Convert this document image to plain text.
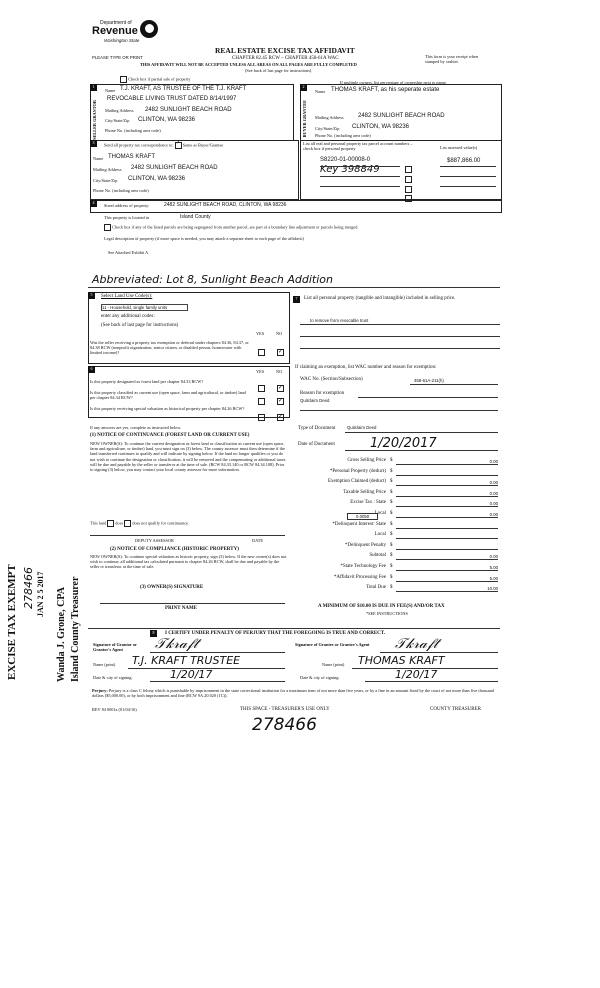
Department of
Revenue
Washington State
PLEASE TYPE OR PRINT
REAL ESTATE EXCISE TAX AFFIDAVIT
CHAPTER 82.45 RCW – CHAPTER 458-61A WAC
THIS AFFIDAVIT WILL NOT BE ACCEPTED UNLESS ALL AREAS ON ALL PAGES ARE FULLY COMPLETED
(See back of last page for instructions)
This form is your receipt when stamped by cashier.
Check box if partial sale of property
If multiple owners, list percentage of ownership next to name.
1
SELLER GRANTOR
Name T.J. KRAFT, AS TRUSTEE OF THE T.J. KRAFT
REVOCABLE LIVING TRUST DATED 8/14/1997
Mailing Address 2482 SUNLIGHT BEACH ROAD
City/State/Zip CLINTON, WA 98236
Phone No. (including area code)
2
BUYER GRANTEE
Name THOMAS KRAFT, as his seperate estate
Mailing Address 2482 SUNLIGHT BEACH ROAD
City/State/Zip CLINTON, WA 98236
Phone No. (including area code)
3	Send all property tax correspondence to: ✓ Same as Buyer/Grantee
Name THOMAS KRAFT
Mailing Address 2482 SUNLIGHT BEACH ROAD
City/State/Zip CLINTON, WA 98236
Phone No. (including area code)
List all real and personal property tax parcel account numbers – check box if personal property	List assessed value(s)
S8220-01-00008-0
Key 398849
$887,866.00
4
Street address of property:	2482 SUNLIGHT BEACH ROAD, CLINTON, WA 98236
This property is located in	Island County
Check box if any of the listed parcels are being segregated from another parcel, are part of a boundary line adjustment or parcels being merged.
Legal description of property (if more space is needed, you may attach a separate sheet to each page of the affidavit)
See Attached Exhibit A
Abbreviated: Lot 8, Sunlight Beach Addition
5	Select Land Use Code(s):
11 - Household, single family units
enter any additional codes:
(See back of last page for instructions)
YES	NO
Was the seller receiving a property tax exemption or deferral under chapters 84.36, 84.37, or 84.38 RCW (nonprofit organization, senior citizen, or disabled person, homeowner with limited income)?
✓
6
YES	NO
Is this property designated as forest land per chapter 84.33 RCW?
✓
Is this property classified as current use (open space, farm and agricultural, or timber) land per chapter 84.34 RCW?
✓
Is this property receiving special valuation as historical property per chapter 84.26 RCW?
✓
If any answers are yes, complete as instructed below.
(1) NOTICE OF CONTINUANCE (FOREST LAND OR CURRENT USE)
NEW OWNER(S): To continue the current designation as forest land or classification as current use (open space, farm and agriculture, or timber) land, you must sign on (3) below. The county assessor must then determine if the land transferred continues to qualify and will indicate by signing below. If the land no longer qualifies or you do not wish to continue the designation or classification, it will be removed and the compensating or additional taxes will be due and payable by the seller or transferor at the time of sale. (RCW 84.33.140 or RCW 84.34.108). Prior to signing (3) below, you may contact your local county assessor for more information.
This land does does not qualify for continuance.
DEPUTY ASSESSOR	DATE
(2) NOTICE OF COMPLIANCE (HISTORIC PROPERTY)
NEW OWNER(S): To continue special valuation as historic property, sign (3) below. If the new owner(s) does not wish to continue, all additional tax calculated pursuant to chapter 84.26 RCW, shall be due and payable by the seller or transferor at the time of sale.
(3) OWNER(S) SIGNATURE
PRINT NAME
7	List all personal property (tangible and intangible) included in selling price.
to remove from revocable trust
If claiming an exemption, list WAC number and reason for exemption:
WAC No. (Section/Subsection)	458-61A-211(h)
Reason for exemption
Quitclaim Deed
Type of Document	Quitclaim Deed
Date of Document	1/20/2017
Gross Selling Price $	0.00
*Personal Property (deduct) $
Exemption Claimed (deduct) $	0.00
Taxable Selling Price $	0.00
Excise Tax : State $	0.00
Local $	0.00
*Delinquent Interest: State $
Local $
*Delinquent Penalty $
Subtotal $	0.00
*State Technology Fee $	5.00
*Affidavit Processing Fee $	5.00
Total Due $	10.00
0.0050
A MINIMUM OF $10.00 IS DUE IN FEE(S) AND/OR TAX
*SEE INSTRUCTIONS
8	I CERTIFY UNDER PENALTY OF PERJURY THAT THE FOREGOING IS TRUE AND CORRECT.
Signature of Grantor or Grantor's Agent	𝒯𝓀𝓇𝒶𝒻𝓉
Name (print) T.J. KRAFT TRUSTEE
Date & city of signing:	1/20/17
Signature of Grantee or Grantee's Agent	𝒯𝓀𝓇𝒶𝒻𝓉
Name (print) THOMAS KRAFT
Date & city of signing:	1/20/17
Perjury: Perjury is a class C felony which is punishable by imprisonment in the state correctional institution for a maximum term of not more than five years, or by a fine in an amount fixed by the court of not more than five thousand dollars ($5,000.00), or by both imprisonment and fine (RCW 9A.20.020 (1C)).
REV 84 0001a (01/04/16)	THIS SPACE - TREASURER'S USE ONLY	COUNTY TREASURER
278466
EXCISE TAX EXEMPT 278466 JAN 2 5 2017 Wanda J. Grone, CPA Island County Treasurer
